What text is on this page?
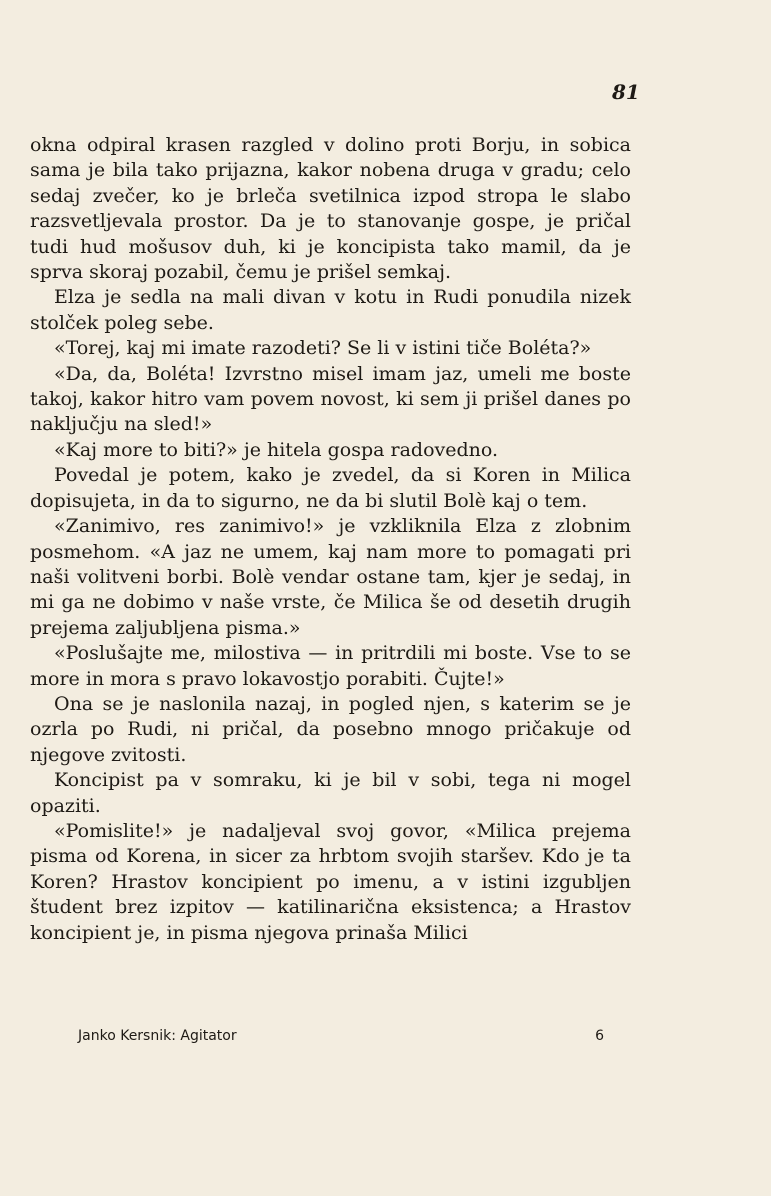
81

okna odpiral krasen razgled v dolino proti Borju, in sobica sama je bila tako prijazna, kakor nobena druga v gradu; celo sedaj zvečer, ko je brleča svetilnica izpod stropa le slabo razsvetljevala prostor. Da je to stanovanje gospe, je pričal tudi hud mošusov duh, ki je koncipista tako mamil, da je sprva skoraj pozabil, čemu je prišel semkaj.

Elza je sedla na mali divan v kotu in Rudi ponudila nizek stolček poleg sebe.

«Torej, kaj mi imate razodeti? Se li v istini tiče Boléta?»

«Da, da, Boléta! Izvrstno misel imam jaz, umeli me boste takoj, kakor hitro vam povem novost, ki sem ji prišel danes po naključju na sled!»

«Kaj more to biti?» je hitela gospa radovedno.

Povedal je potem, kako je zvedel, da si Koren in Milica dopisujeta, in da to sigurno, ne da bi slutil Bolè kaj o tem.

«Zanimivo, res zanimivo!» je vzkliknila Elza z zlobnim posmehom. «A jaz ne umem, kaj nam more to pomagati pri naši volitveni borbi. Bolè vendar ostane tam, kjer je sedaj, in mi ga ne dobimo v naše vrste, če Milica še od desetih drugih prejema zaljubljena pisma.»

«Poslušajte me, milostiva — in pritrdili mi boste. Vse to se more in mora s pravo lokavostjo porabiti. Čujte!»

Ona se je naslonila nazaj, in pogled njen, s katerim se je ozrla po Rudi, ni pričal, da posebno mnogo pričakuje od njegove zvitosti.

Koncipist pa v somraku, ki je bil v sobi, tega ni mogel opaziti.

«Pomislite!» je nadaljeval svoj govor, «Milica prejema pisma od Korena, in sicer za hrbtom svojih staršev. Kdo je ta Koren? Hrastov koncipient po imenu, a v istini izgubljen študent brez izpitov — katilinarična eksistenca; a Hrastov koncipient je, in pisma njegova prinaša Milici

Janko Kersnik: Agitator	6
